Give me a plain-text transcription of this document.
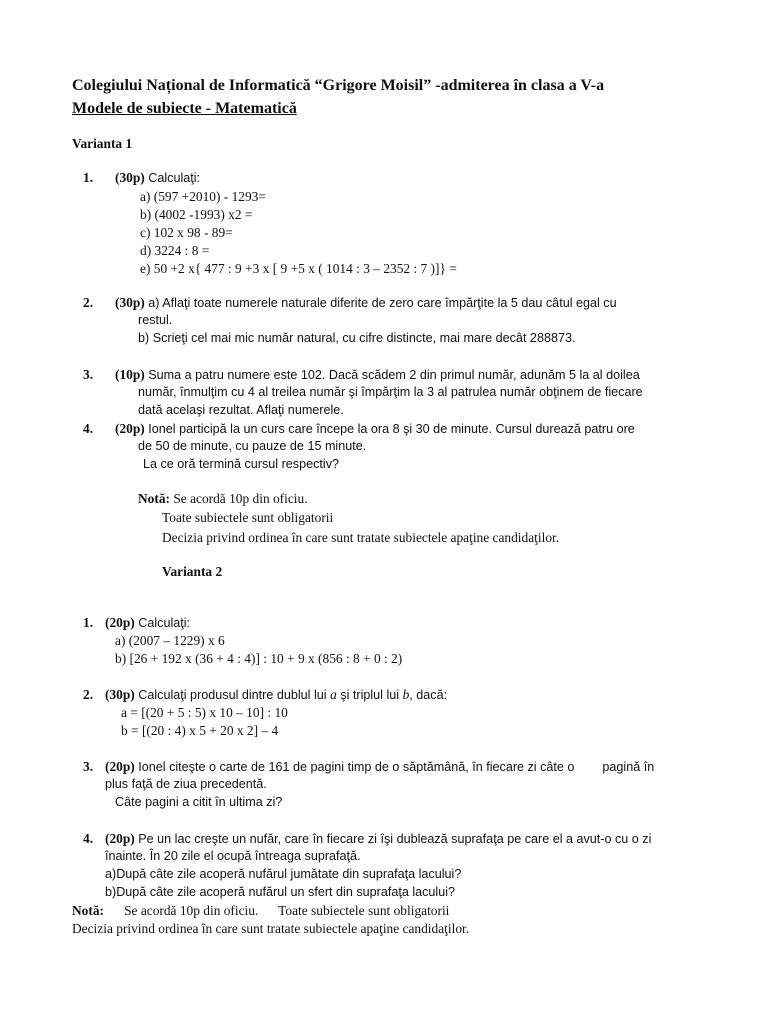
Colegiului Național de Informatică “Grigore Moisil” -admiterea în clasa a V-a
Modele de subiecte - Matematică
Varianta 1
1. (30p) Calculaţi:
a) (597 +2010) - 1293=
b) (4002 -1993) x2 =
c) 102 x 98 - 89=
d) 3224 : 8 =
e) 50 +2 x{ 477 : 9 +3 x [ 9 +5 x ( 1014 : 3 – 2352 : 7 )]} =
2. (30p) a) Aflaţi toate numerele naturale diferite de zero care împărţite la 5 dau câtul egal cu
restul.
b) Scrieţi cel mai mic număr natural, cu cifre distincte, mai mare decât 288873.
3. (10p) Suma a patru numere este 102. Dacă scădem 2 din primul număr, adunăm 5 la al doilea
număr, înmulţim cu 4 al treilea număr şi împărţim la 3 al patrulea număr obţinem de fiecare
dată acelaşi rezultat. Aflaţi numerele.
4. (20p) Ionel participă la un curs care începe la ora 8 şi 30 de minute. Cursul durează patru ore
de 50 de minute, cu pauze de 15 minute.
La ce oră termină cursul respectiv?
Notă: Se acordă 10p din oficiu.
Toate subiectele sunt obligatorii
Decizia privind ordinea în care sunt tratate subiectele apaţine candidaţilor.
Varianta 2
1. (20p) Calculaţi:
a) (2007 – 1229) x 6
b) [26 + 192 x (36 + 4 : 4)] : 10 + 9 x (856 : 8 + 0 : 2)
2. (30p) Calculaţi produsul dintre dublul lui a şi triplul lui b, dacă:
a = [(20 + 5 : 5) x 10 – 10] : 10
b = [(20 : 4) x 5 + 20 x 2] – 4
3. (20p) Ionel citeşte o carte de 161 de pagini timp de o săptămână, în fiecare zi câte o        pagină în
plus faţă de ziua precedentă.
Câte pagini a citit în ultima zi?
4. (20p) Pe un lac creşte un nufăr, care în fiecare zi îşi dublează suprafaţa pe care el a avut-o cu o zi
înainte. În 20 zile el ocupă întreaga suprafaţă.
a)După câte zile acoperă nufărul jumătate din suprafaţa lacului?
b)După câte zile acoperă nufărul un sfert din suprafaţa lacului?
Notă: Se acordă 10p din oficiu.      Toate subiectele sunt obligatorii
Decizia privind ordinea în care sunt tratate subiectele apaţine candidaţilor.
